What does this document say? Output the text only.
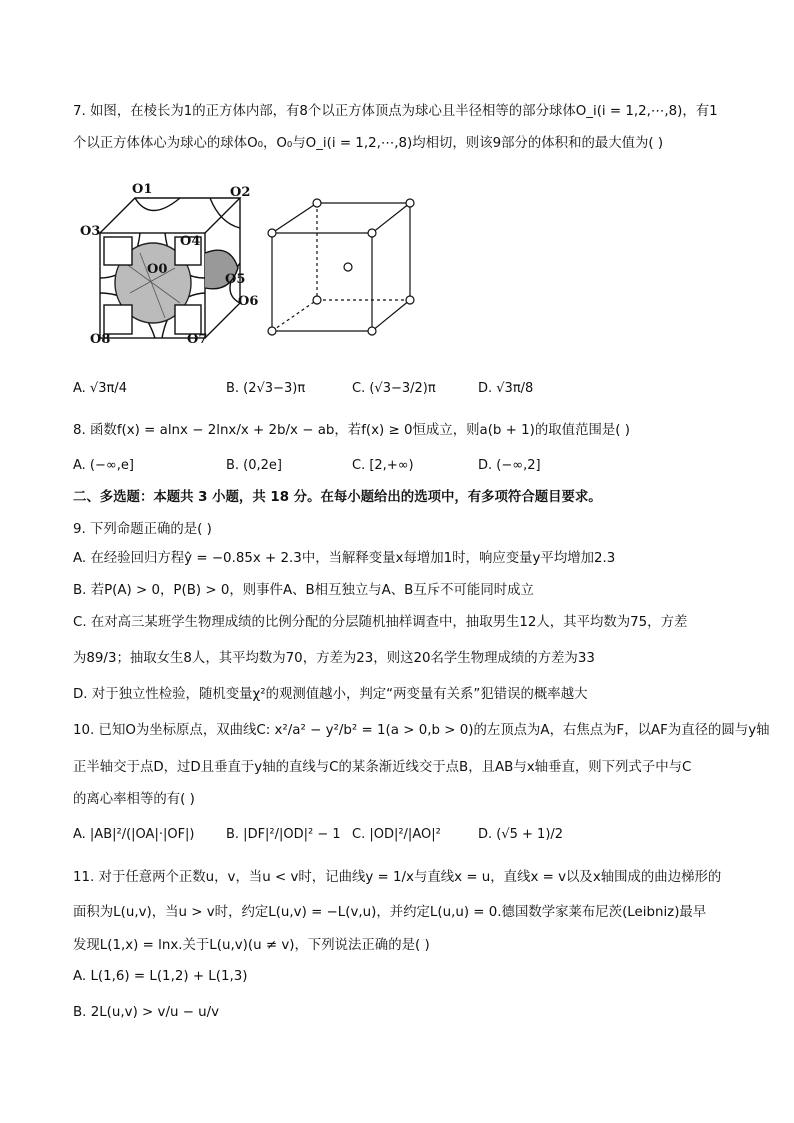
7. 如图，在棱长为1的正方体内部，有8个以正方体顶点为球心且半径相等的部分球体O_i(i = 1,2,⋯,8)，有1
个以正方体体心为球心的球体O₀，O₀与O_i(i = 1,2,⋯,8)均相切，则该9部分的体积和的最大值为( )
O1	O2
O3
O4
O0
O5
O6
O8	O7
A. √3π/4	B. (2√3−3)π	C. (√3−3/2)π	D. √3π/8
8. 函数f(x) = alnx − 2lnx/x + 2b/x − ab，若f(x) ≥ 0恒成立，则a(b + 1)的取值范围是( )
A. (−∞,e]	B. (0,2e]	C. [2,+∞)	D. (−∞,2]
二、多选题：本题共 3 小题，共 18 分。在每小题给出的选项中，有多项符合题目要求。
9. 下列命题正确的是( )
A. 在经验回归方程ŷ = −0.85x + 2.3中，当解释变量x每增加1时，响应变量y平均增加2.3
B. 若P(A) > 0，P(B) > 0，则事件A、B相互独立与A、B互斥不可能同时成立
C. 在对高三某班学生物理成绩的比例分配的分层随机抽样调查中，抽取男生12人，其平均数为75，方差
为89/3；抽取女生8人，其平均数为70，方差为23，则这20名学生物理成绩的方差为33
D. 对于独立性检验，随机变量χ²的观测值越小，判定“两变量有关系”犯错误的概率越大
10. 已知O为坐标原点，双曲线C: x²/a² − y²/b² = 1(a > 0,b > 0)的左顶点为A，右焦点为F，以AF为直径的圆与y轴
正半轴交于点D，过D且垂直于y轴的直线与C的某条渐近线交于点B，且AB与x轴垂直，则下列式子中与C
的离心率相等的有( )
A. |AB|²/(|OA|·|OF|) B. |DF|²/|OD|² − 1 C. |OD|²/|AO|²	D. (√5 + 1)/2
11. 对于任意两个正数u，v，当u < v时，记曲线y = 1/x与直线x = u，直线x = v以及x轴围成的曲边梯形的
面积为L(u,v)，当u > v时，约定L(u,v) = −L(v,u)，并约定L(u,u) = 0.德国数学家莱布尼茨(Leibniz)最早
发现L(1,x) = lnx.关于L(u,v)(u ≠ v)，下列说法正确的是( )
A. L(1,6) = L(1,2) + L(1,3)
B. 2L(u,v) > v/u − u/v
